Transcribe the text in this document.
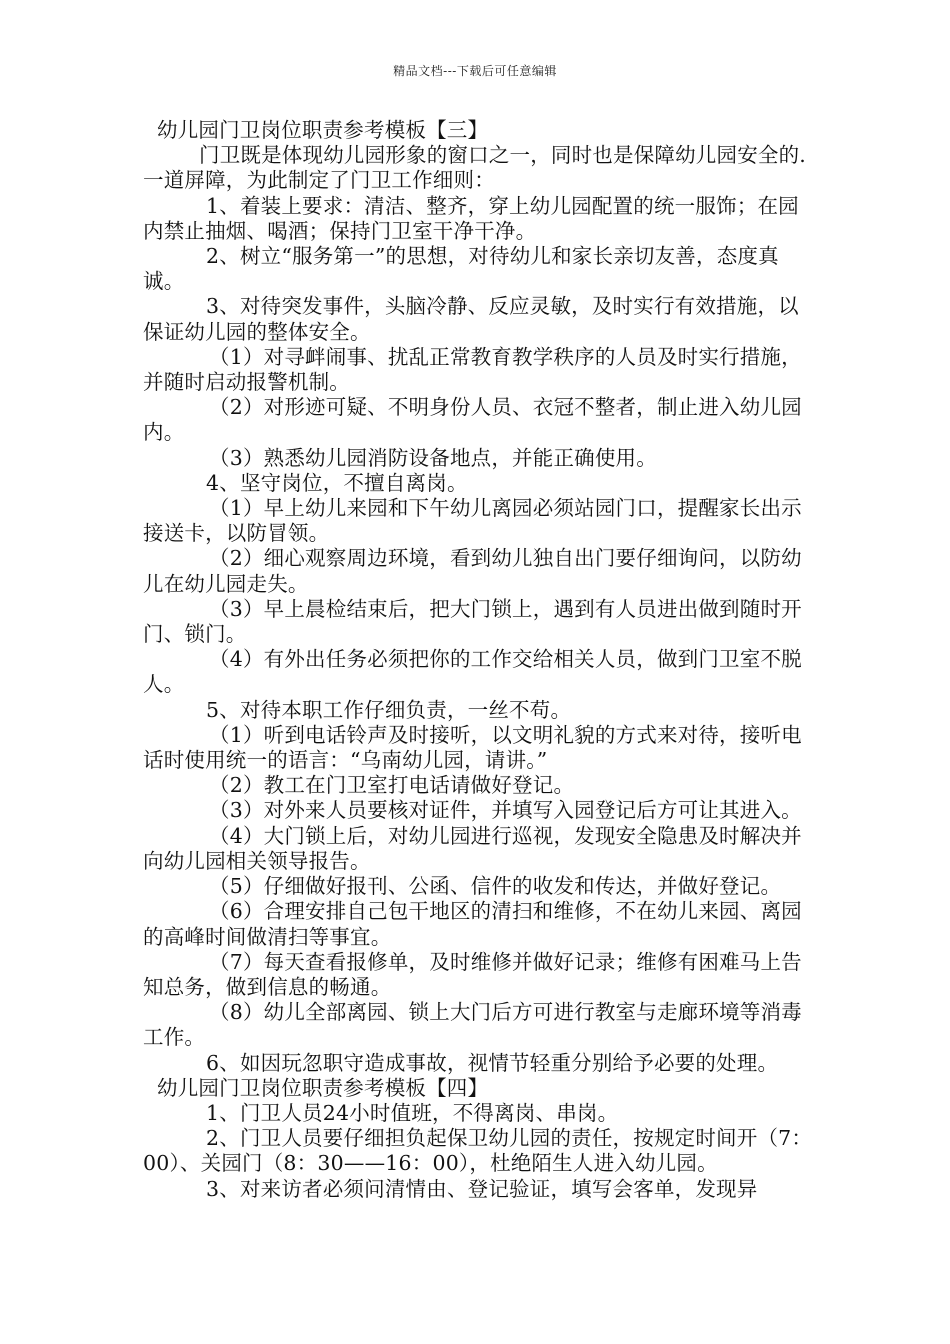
精品文档---下载后可任意编辑

幼儿园门卫岗位职责参考模板【三】

门卫既是体现幼儿园形象的窗口之一，同时也是保障幼儿园安全的.一道屏障，为此制定了门卫工作细则：

1、着装上要求：清洁、整齐，穿上幼儿园配置的统一服饰；在园内禁止抽烟、喝酒；保持门卫室干净干净。

2、树立“服务第一”的思想，对待幼儿和家长亲切友善，态度真诚。

3、对待突发事件，头脑冷静、反应灵敏，及时实行有效措施，以保证幼儿园的整体安全。

（1）对寻衅闹事、扰乱正常教育教学秩序的人员及时实行措施，并随时启动报警机制。

（2）对形迹可疑、不明身份人员、衣冠不整者，制止进入幼儿园内。

（3）熟悉幼儿园消防设备地点，并能正确使用。

4、坚守岗位，不擅自离岗。

（1）早上幼儿来园和下午幼儿离园必须站园门口，提醒家长出示接送卡，以防冒领。

（2）细心观察周边环境，看到幼儿独自出门要仔细询问，以防幼儿在幼儿园走失。

（3）早上晨检结束后，把大门锁上，遇到有人员进出做到随时开门、锁门。

（4）有外出任务必须把你的工作交给相关人员，做到门卫室不脱人。

5、对待本职工作仔细负责，一丝不苟。

（1）听到电话铃声及时接听，以文明礼貌的方式来对待，接听电话时使用统一的语言：“乌南幼儿园，请讲。”

（2）教工在门卫室打电话请做好登记。

（3）对外来人员要核对证件，并填写入园登记后方可让其进入。

（4）大门锁上后，对幼儿园进行巡视，发现安全隐患及时解决并向幼儿园相关领导报告。

（5）仔细做好报刊、公函、信件的收发和传达，并做好登记。

（6）合理安排自己包干地区的清扫和维修，不在幼儿来园、离园的高峰时间做清扫等事宜。

（7）每天查看报修单，及时维修并做好记录；维修有困难马上告知总务，做到信息的畅通。

（8）幼儿全部离园、锁上大门后方可进行教室与走廊环境等消毒工作。

6、如因玩忽职守造成事故，视情节轻重分别给予必要的处理。

幼儿园门卫岗位职责参考模板【四】

1、门卫人员24小时值班，不得离岗、串岗。

2、门卫人员要仔细担负起保卫幼儿园的责任，按规定时间开（7：00）、关园门（8：30——16：00），杜绝陌生人进入幼儿园。

3、对来访者必须问清情由、登记验证，填写会客单，发现异
